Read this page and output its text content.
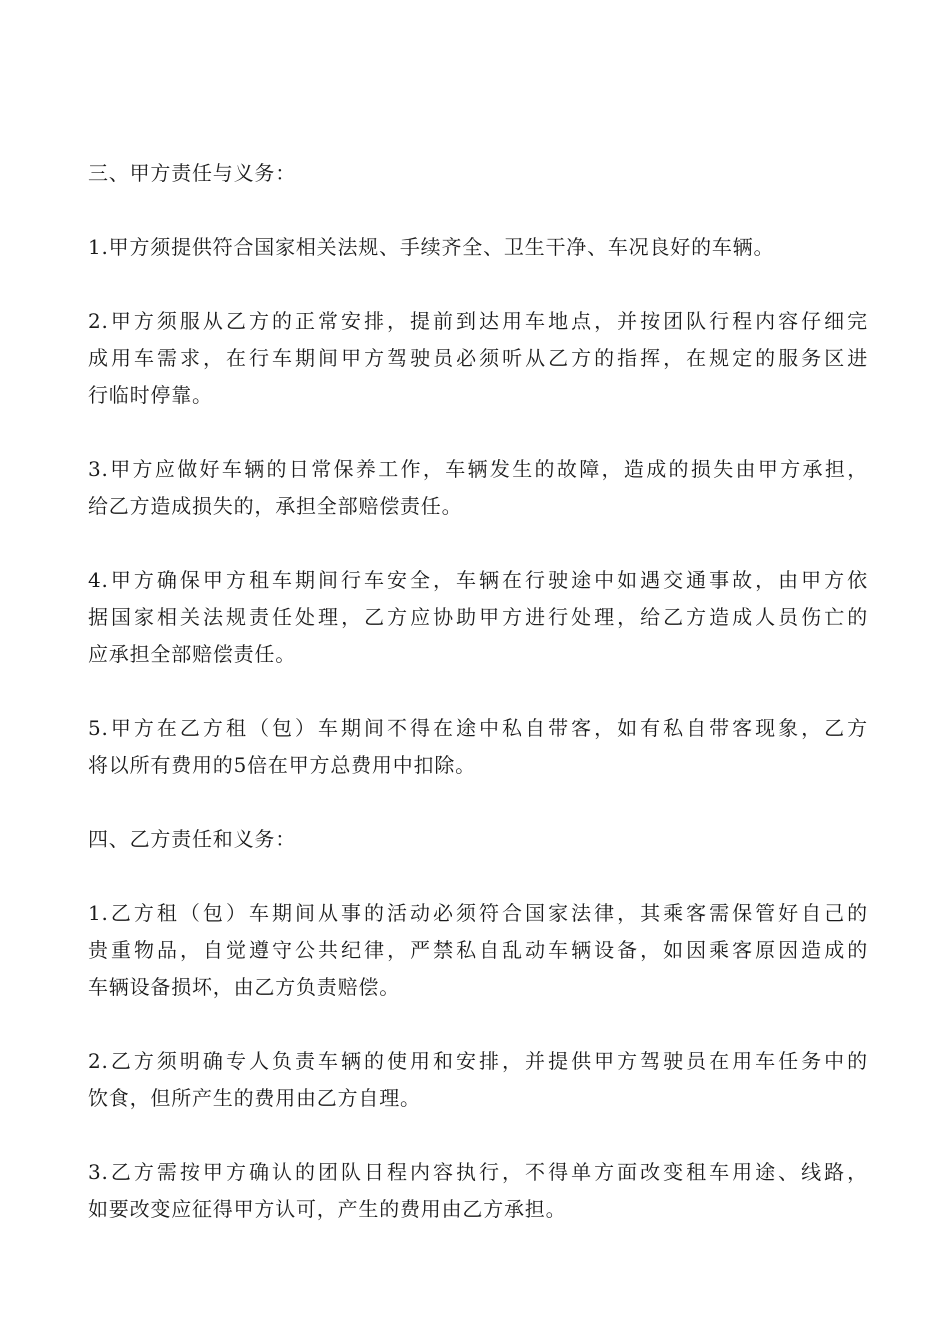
三、甲方责任与义务：
1.甲方须提供符合国家相关法规、手续齐全、卫生干净、车况良好的车辆。
2.甲方须服从乙方的正常安排，提前到达用车地点，并按团队行程内容仔细完
成用车需求，在行车期间甲方驾驶员必须听从乙方的指挥，在规定的服务区进
行临时停靠。
3.甲方应做好车辆的日常保养工作，车辆发生的故障，造成的损失由甲方承担，
给乙方造成损失的，承担全部赔偿责任。
4.甲方确保甲方租车期间行车安全，车辆在行驶途中如遇交通事故，由甲方依
据国家相关法规责任处理，乙方应协助甲方进行处理，给乙方造成人员伤亡的
应承担全部赔偿责任。
5.甲方在乙方租（包）车期间不得在途中私自带客，如有私自带客现象，乙方
将以所有费用的5倍在甲方总费用中扣除。
四、乙方责任和义务：
1.乙方租（包）车期间从事的活动必须符合国家法律，其乘客需保管好自己的
贵重物品，自觉遵守公共纪律，严禁私自乱动车辆设备，如因乘客原因造成的
车辆设备损坏，由乙方负责赔偿。
2.乙方须明确专人负责车辆的使用和安排，并提供甲方驾驶员在用车任务中的
饮食，但所产生的费用由乙方自理。
3.乙方需按甲方确认的团队日程内容执行，不得单方面改变租车用途、线路，
如要改变应征得甲方认可，产生的费用由乙方承担。
